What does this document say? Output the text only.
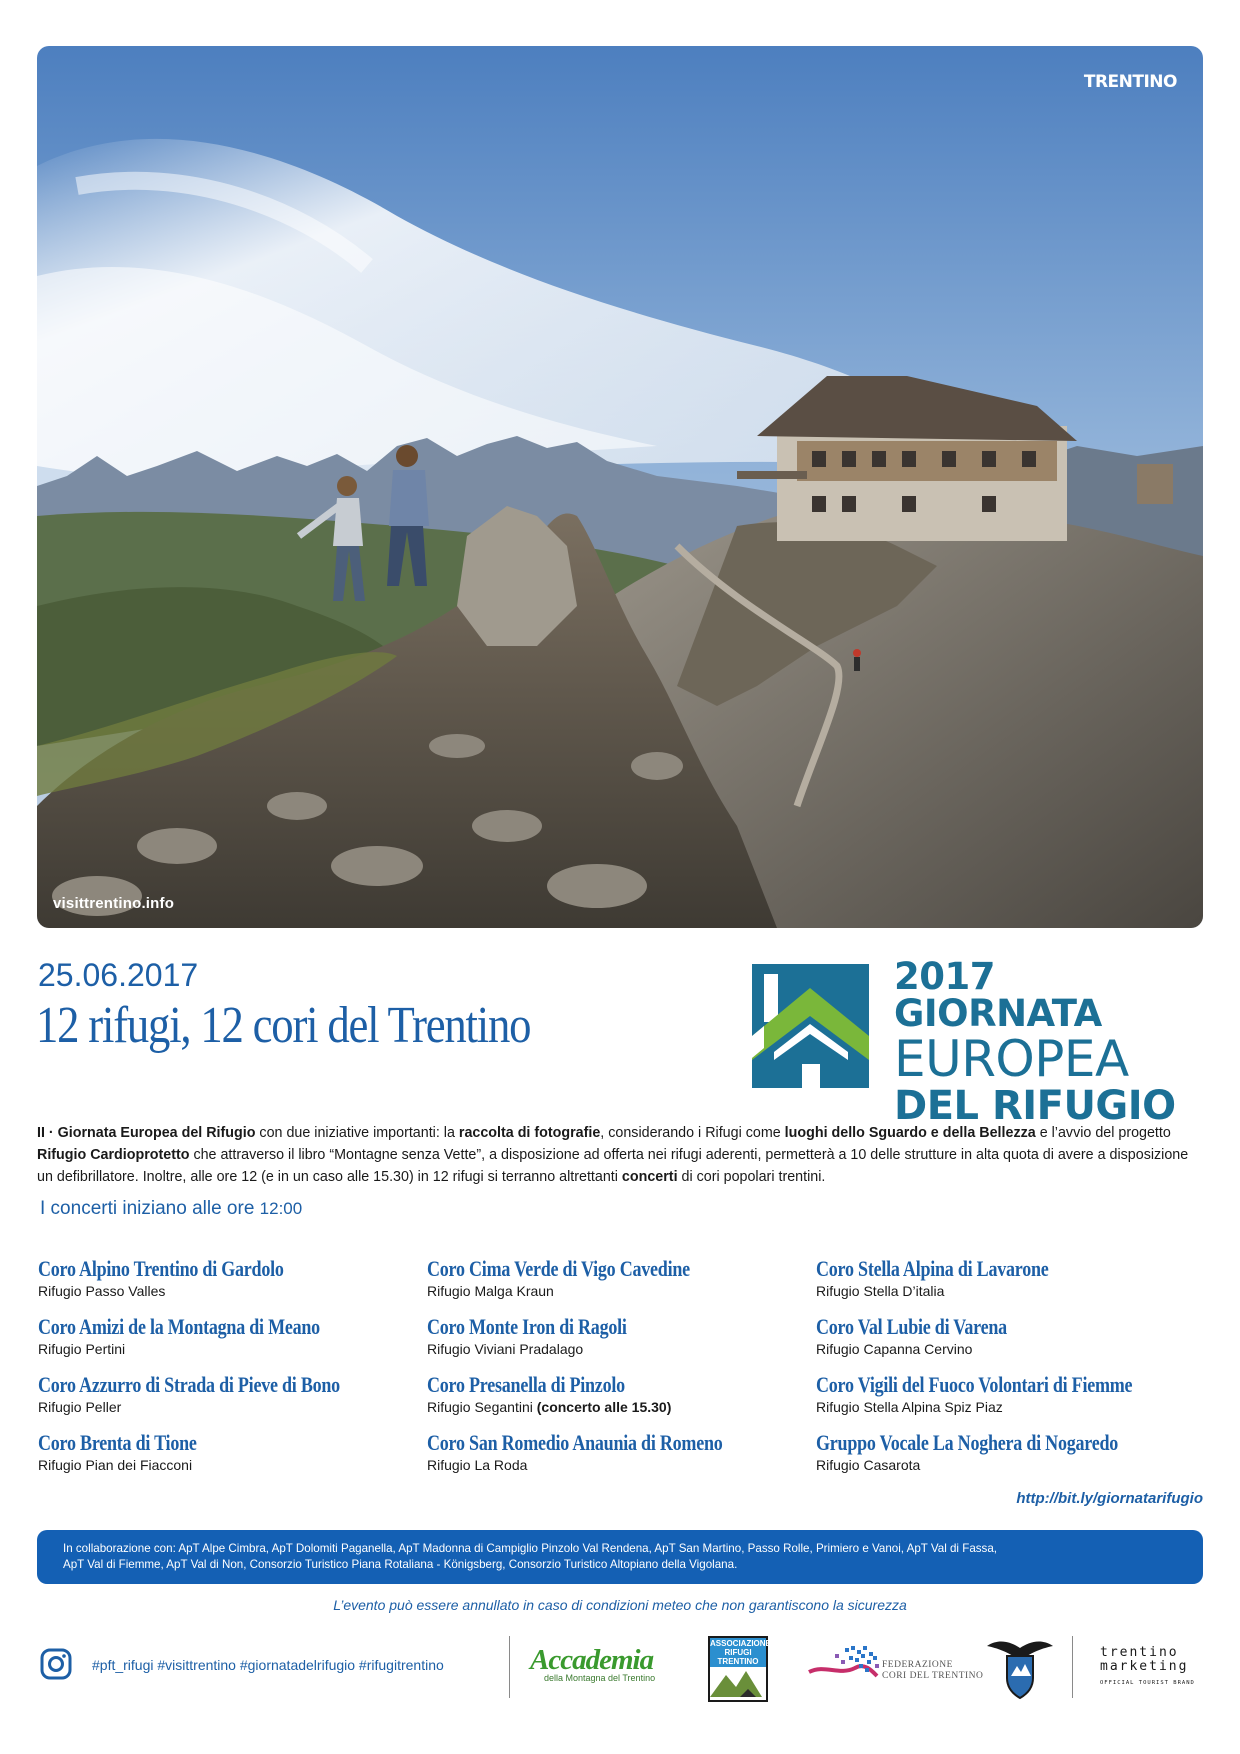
TRENTINO
visittrentino.info
25.06.2017
12 rifugi, 12 cori del Trentino
2017 GIORNATA
EUROPEA
DEL RIFUGIO
II · Giornata Europea del Rifugio con due iniziative importanti: la raccolta di fotografie, considerando i Rifugi come luoghi dello Sguardo e della Bellezza e l’avvio del progetto Rifugio Cardioprotetto che attraverso il libro “Montagne senza Vette”, a disposizione ad offerta nei rifugi aderenti, permetterà a 10 delle strutture in alta quota di avere a disposizione un defibrillatore. Inoltre, alle ore 12 (e in un caso alle 15.30) in 12 rifugi si terranno altrettanti concerti di cori popolari trentini.
I concerti iniziano alle ore 12:00
Coro Alpino Trentino di Gardolo
Rifugio Passo Valles
Coro Amizi de la Montagna di Meano
Rifugio Pertini
Coro Azzurro di Strada di Pieve di Bono
Rifugio Peller
Coro Brenta di Tione
Rifugio Pian dei Fiacconi
Coro Cima Verde di Vigo Cavedine
Rifugio Malga Kraun
Coro Monte Iron di Ragoli
Rifugio Viviani Pradalago
Coro Presanella di Pinzolo
Rifugio Segantini (concerto alle 15.30)
Coro San Romedio Anaunia di Romeno
Rifugio La Roda
Coro Stella Alpina di Lavarone
Rifugio Stella D’italia
Coro Val Lubie di Varena
Rifugio Capanna Cervino
Coro Vigili del Fuoco Volontari di Fiemme
Rifugio Stella Alpina Spiz Piaz
Gruppo Vocale La Noghera di Nogaredo
Rifugio Casarota
http://bit.ly/giornatarifugio

In collaborazione con: ApT Alpe Cimbra, ApT Dolomiti Paganella, ApT Madonna di Campiglio Pinzolo Val Rendena, ApT San Martino, Passo Rolle, Primiero e Vanoi, ApT Val di Fassa,
ApT Val di Fiemme, ApT Val di Non, Consorzio Turistico Piana Rotaliana - Königsberg, Consorzio Turistico Altopiano della Vigolana.

L’evento può essere annullato in caso di condizioni meteo che non garantiscono la sicurezza
#pft_rifugi #visittrentino #giornatadelrifugio #rifugitrentino	Accademia
della Montagna del Trentino
ASSOCIAZIONE RIFUGI TRENTINO	FEDERAZIONE
CORI DEL TRENTINO
trentino
marketing
OFFICIAL TOURIST BRAND
